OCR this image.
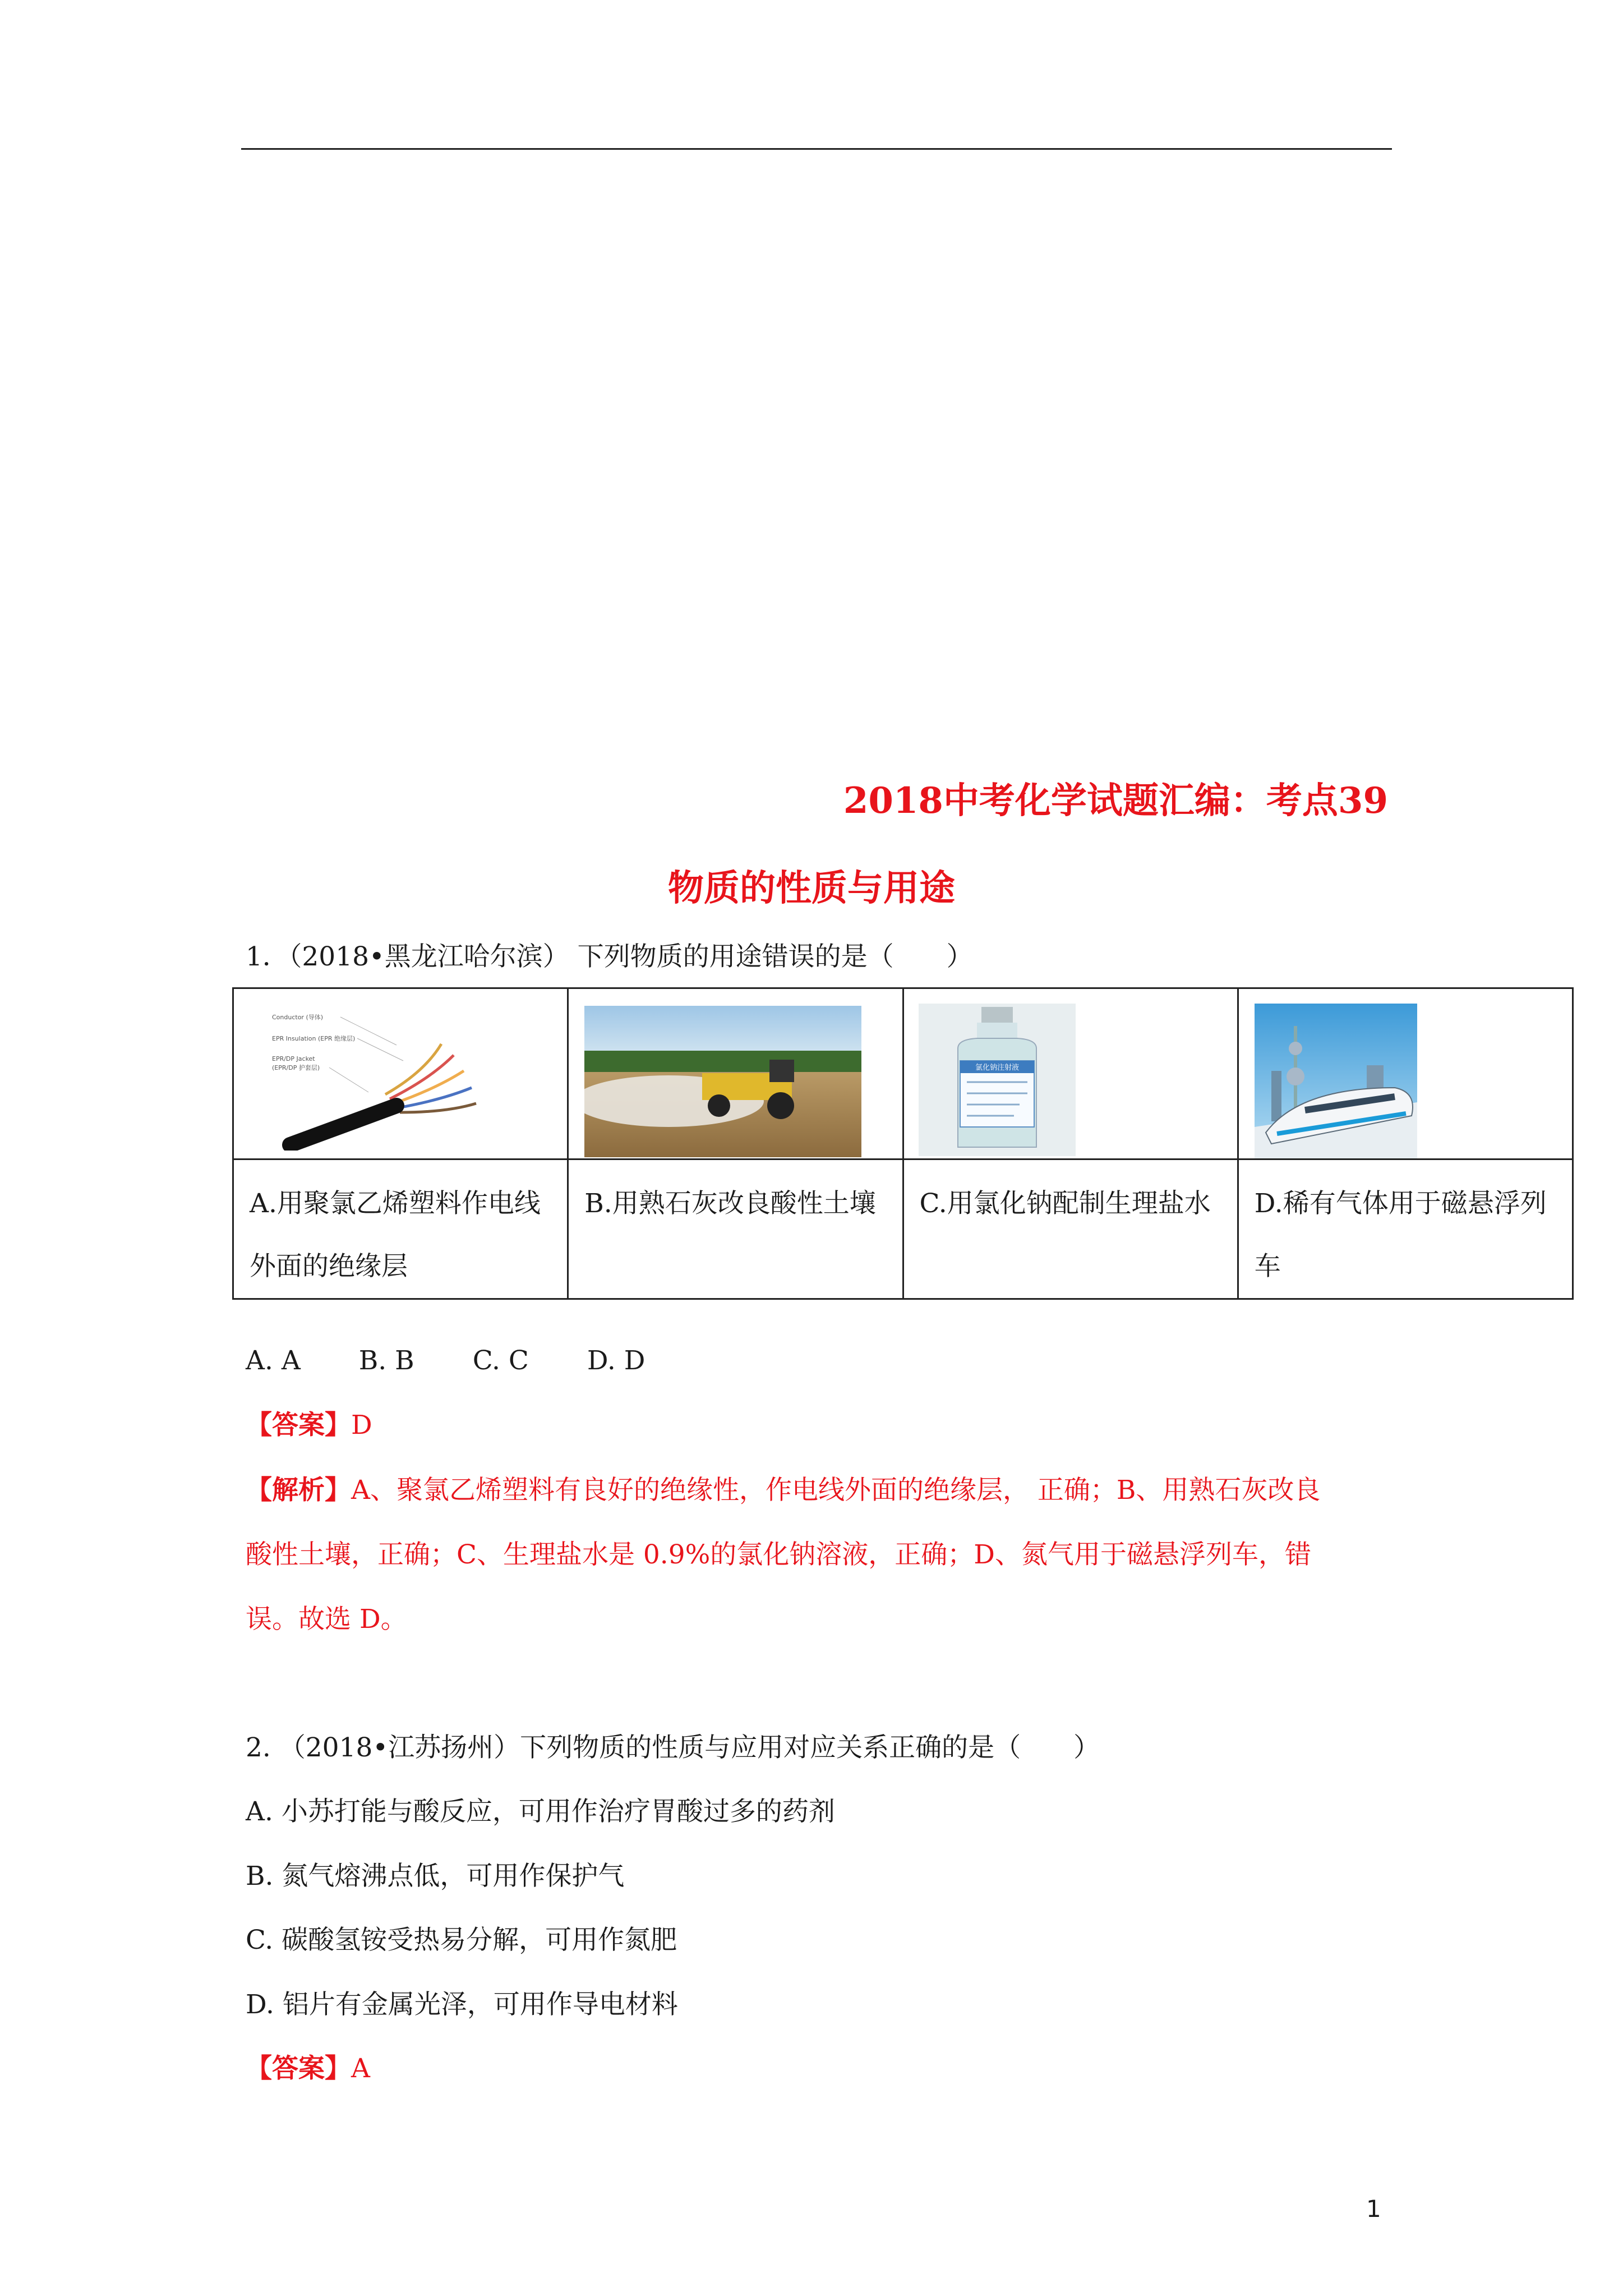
2018中考化学试题汇编：考点39
物质的性质与用途
1．（2018•黑龙江哈尔滨） 下列物质的用途错误的是（　　）
Conductor (导体)
EPR Insulation (EPR 绝缘层)
EPR/DP Jacket
(EPR/DP 护套层)		氯化钠注射液

A.用聚氯乙烯塑料作电线外面的绝缘层	B.用熟石灰改良酸性土壤	C.用氯化钠配制生理盐水	D.稀有气体用于磁悬浮列车
A. A B. B C. C D. D
【答案】D
【解析】A、聚氯乙烯塑料有良好的绝缘性，作电线外面的绝缘层， 正确；B、用熟石灰改良
酸性土壤，正确；C、生理盐水是 0.9%的氯化钠溶液，正确；D、氮气用于磁悬浮列车，错
误。故选 D。
2. （2018•江苏扬州）下列物质的性质与应用对应关系正确的是（　　）
A. 小苏打能与酸反应，可用作治疗胃酸过多的药剂
B. 氮气熔沸点低，可用作保护气
C. 碳酸氢铵受热易分解，可用作氮肥
D. 铝片有金属光泽，可用作导电材料
【答案】A
1
